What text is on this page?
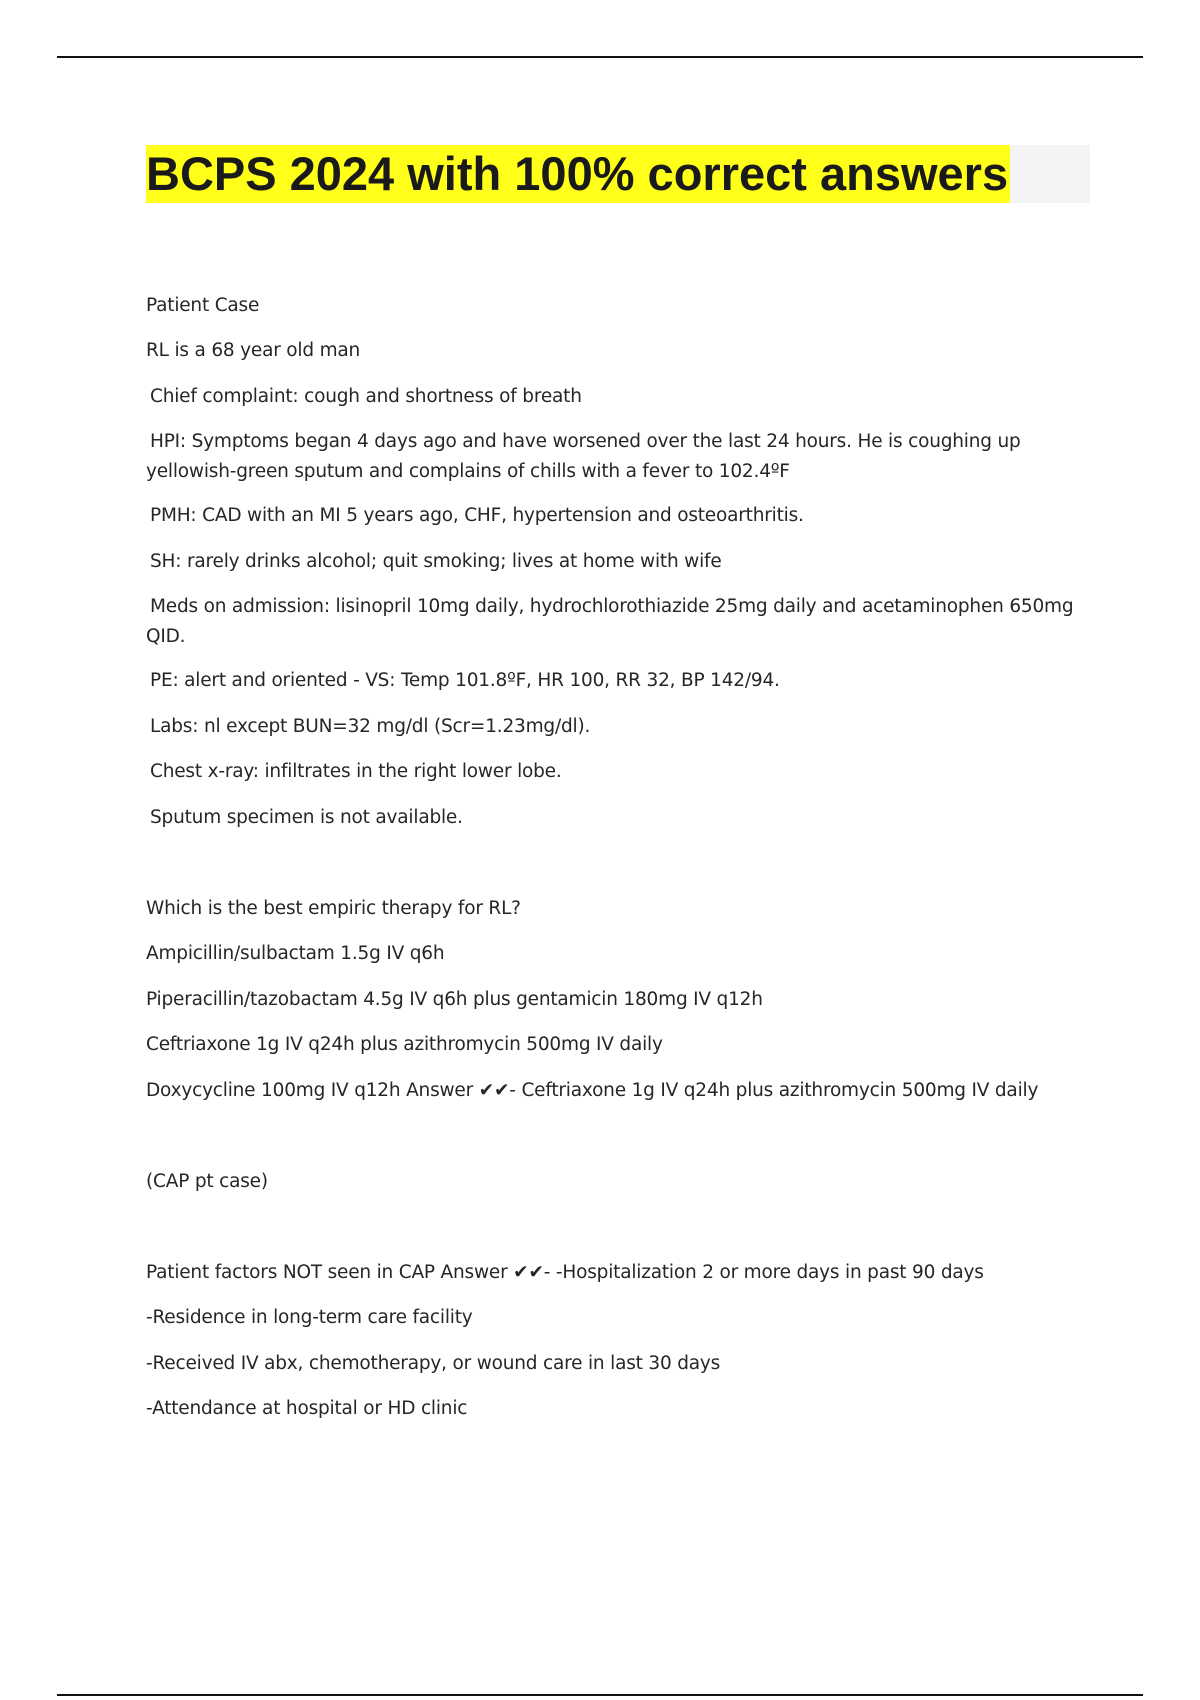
BCPS 2024 with 100% correct answers

Patient Case

RL is a 68 year old man

Chief complaint: cough and shortness of breath

HPI: Symptoms began 4 days ago and have worsened over the last 24 hours. He is coughing up

yellowish-green sputum and complains of chills with a fever to 102.4ºF

PMH: CAD with an MI 5 years ago, CHF, hypertension and osteoarthritis.

SH: rarely drinks alcohol; quit smoking; lives at home with wife

Meds on admission: lisinopril 10mg daily, hydrochlorothiazide 25mg daily and acetaminophen 650mg

QID.

PE: alert and oriented - VS: Temp 101.8ºF, HR 100, RR 32, BP 142/94.

Labs: nl except BUN=32 mg/dl (Scr=1.23mg/dl).

Chest x-ray: infiltrates in the right lower lobe.

Sputum specimen is not available.

Which is the best empiric therapy for RL?

Ampicillin/sulbactam 1.5g IV q6h

Piperacillin/tazobactam 4.5g IV q6h plus gentamicin 180mg IV q12h

Ceftriaxone 1g IV q24h plus azithromycin 500mg IV daily

Doxycycline 100mg IV q12h Answer ✔✔- Ceftriaxone 1g IV q24h plus azithromycin 500mg IV daily

(CAP pt case)

Patient factors NOT seen in CAP Answer ✔✔- -Hospitalization 2 or more days in past 90 days

-Residence in long-term care facility

-Received IV abx, chemotherapy, or wound care in last 30 days

-Attendance at hospital or HD clinic
